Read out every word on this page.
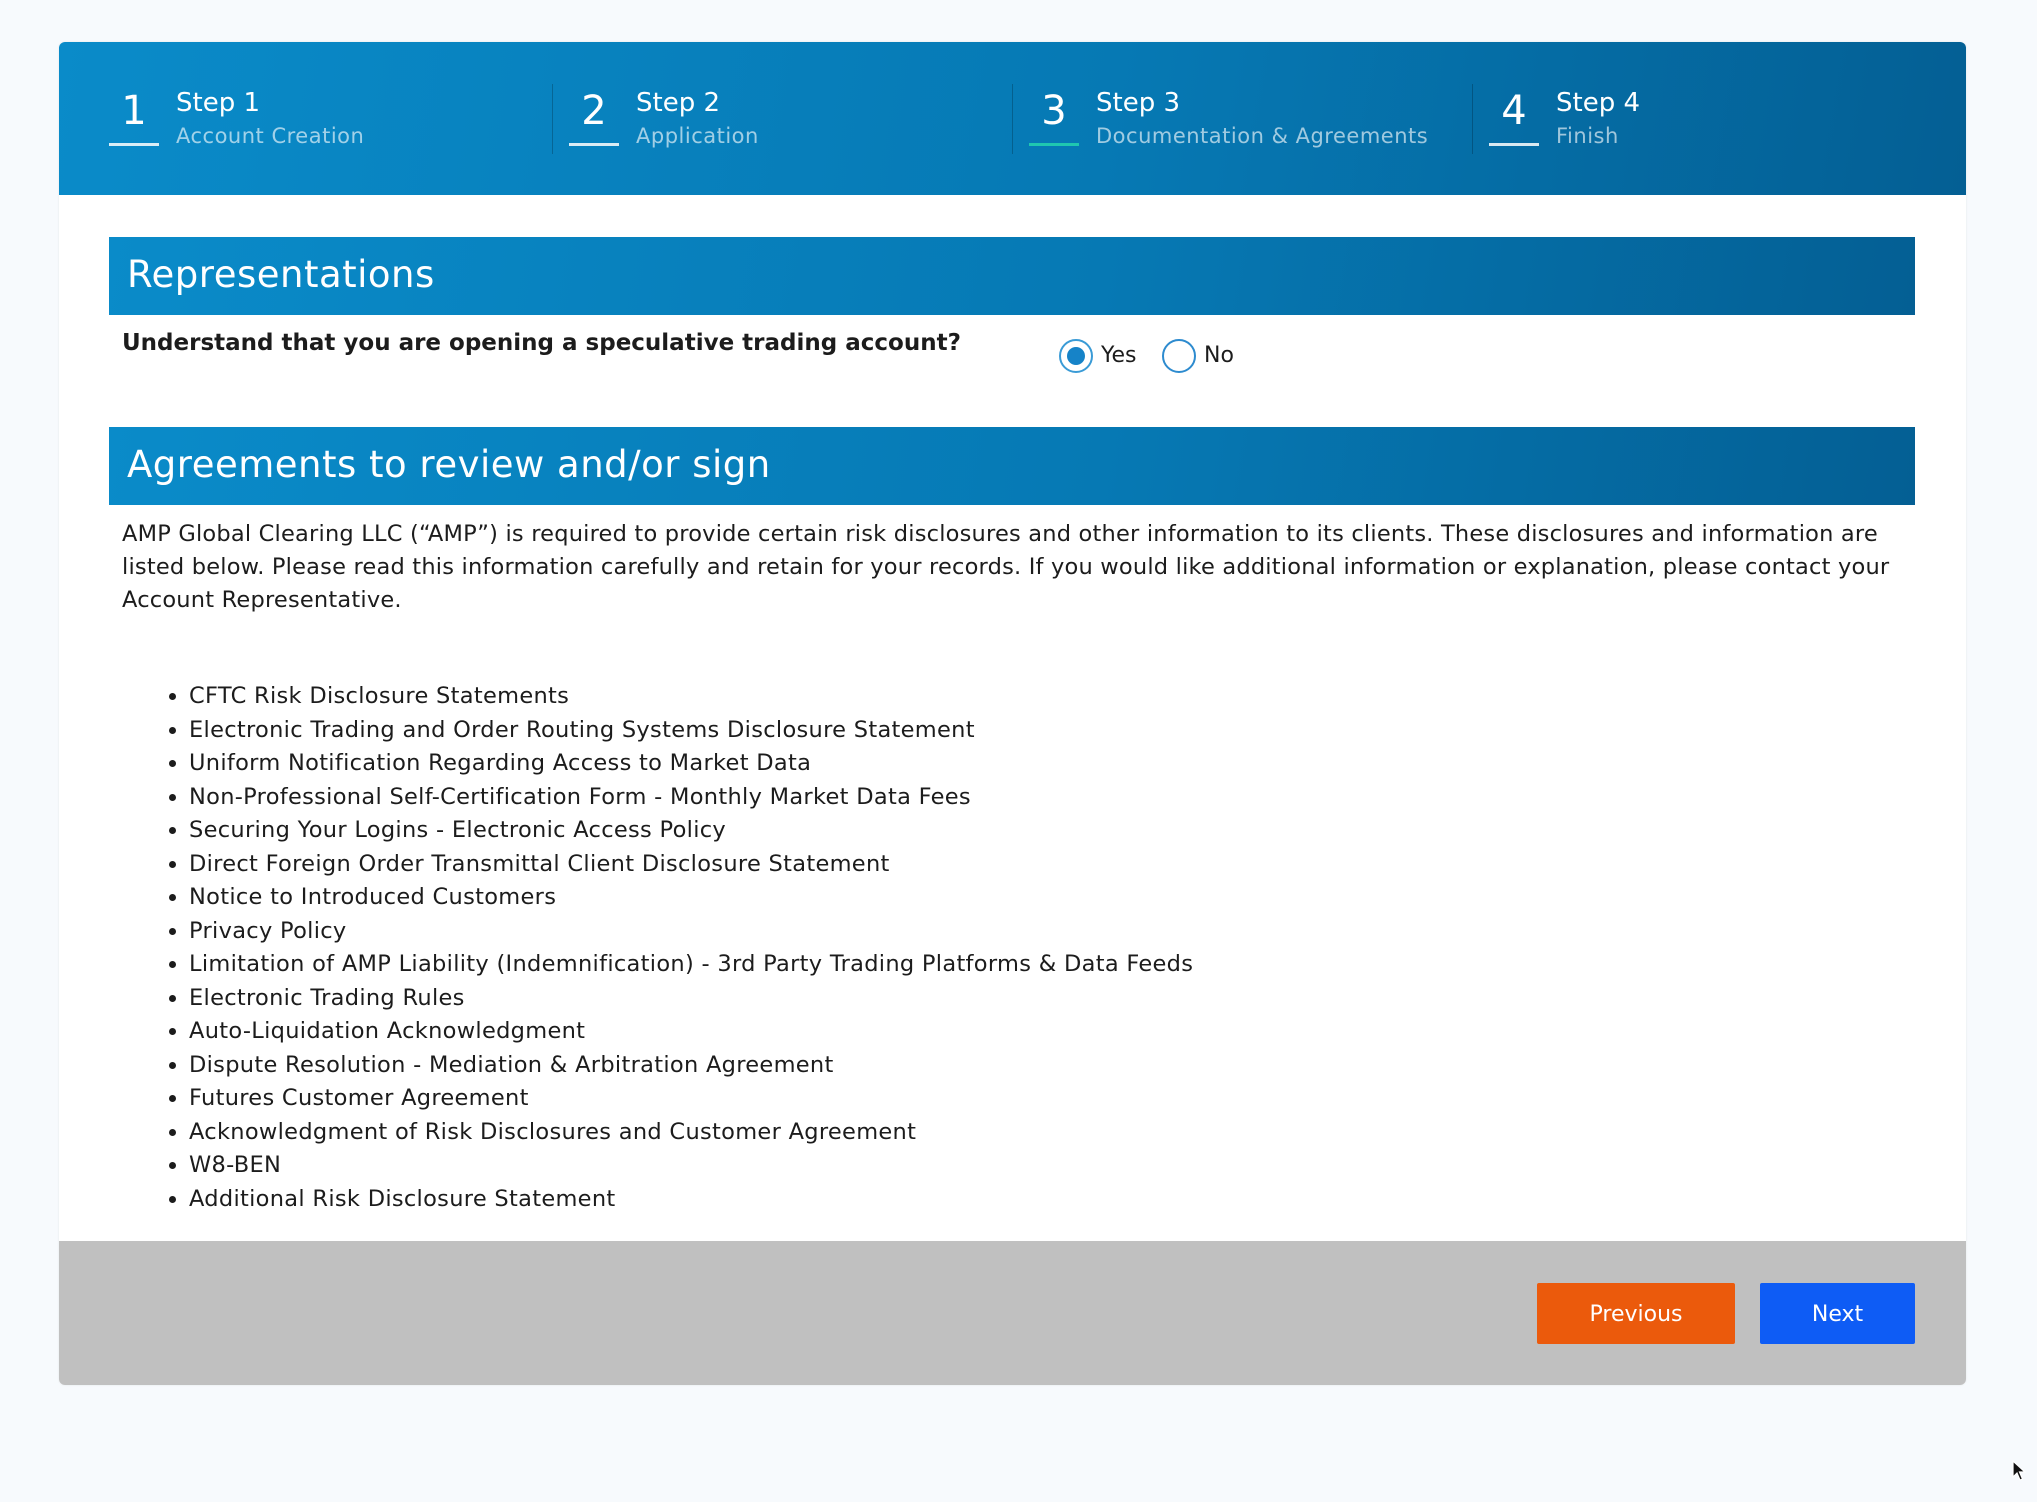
1	Step 1
Account Creation
2	Step 2
Application
3	Step 3
Documentation & Agreements
4	Step 4
Finish
Representations
Understand that you are opening a speculative trading account?	Yes	No
Agreements to review and/or sign
AMP Global Clearing LLC (“AMP”) is required to provide certain risk disclosures and other information to its clients. These disclosures and information are listed below. Please read this information carefully and retain for your records. If you would like additional information or explanation, please contact your Account Representative.
• CFTC Risk Disclosure Statements
• Electronic Trading and Order Routing Systems Disclosure Statement
• Uniform Notification Regarding Access to Market Data
• Non-Professional Self-Certification Form - Monthly Market Data Fees
• Securing Your Logins - Electronic Access Policy
• Direct Foreign Order Transmittal Client Disclosure Statement
• Notice to Introduced Customers
• Privacy Policy
• Limitation of AMP Liability (Indemnification) - 3rd Party Trading Platforms & Data Feeds
• Electronic Trading Rules
• Auto-Liquidation Acknowledgment
• Dispute Resolution - Mediation & Arbitration Agreement
• Futures Customer Agreement
• Acknowledgment of Risk Disclosures and Customer Agreement
• W8-BEN
• Additional Risk Disclosure Statement
Previous	Next
